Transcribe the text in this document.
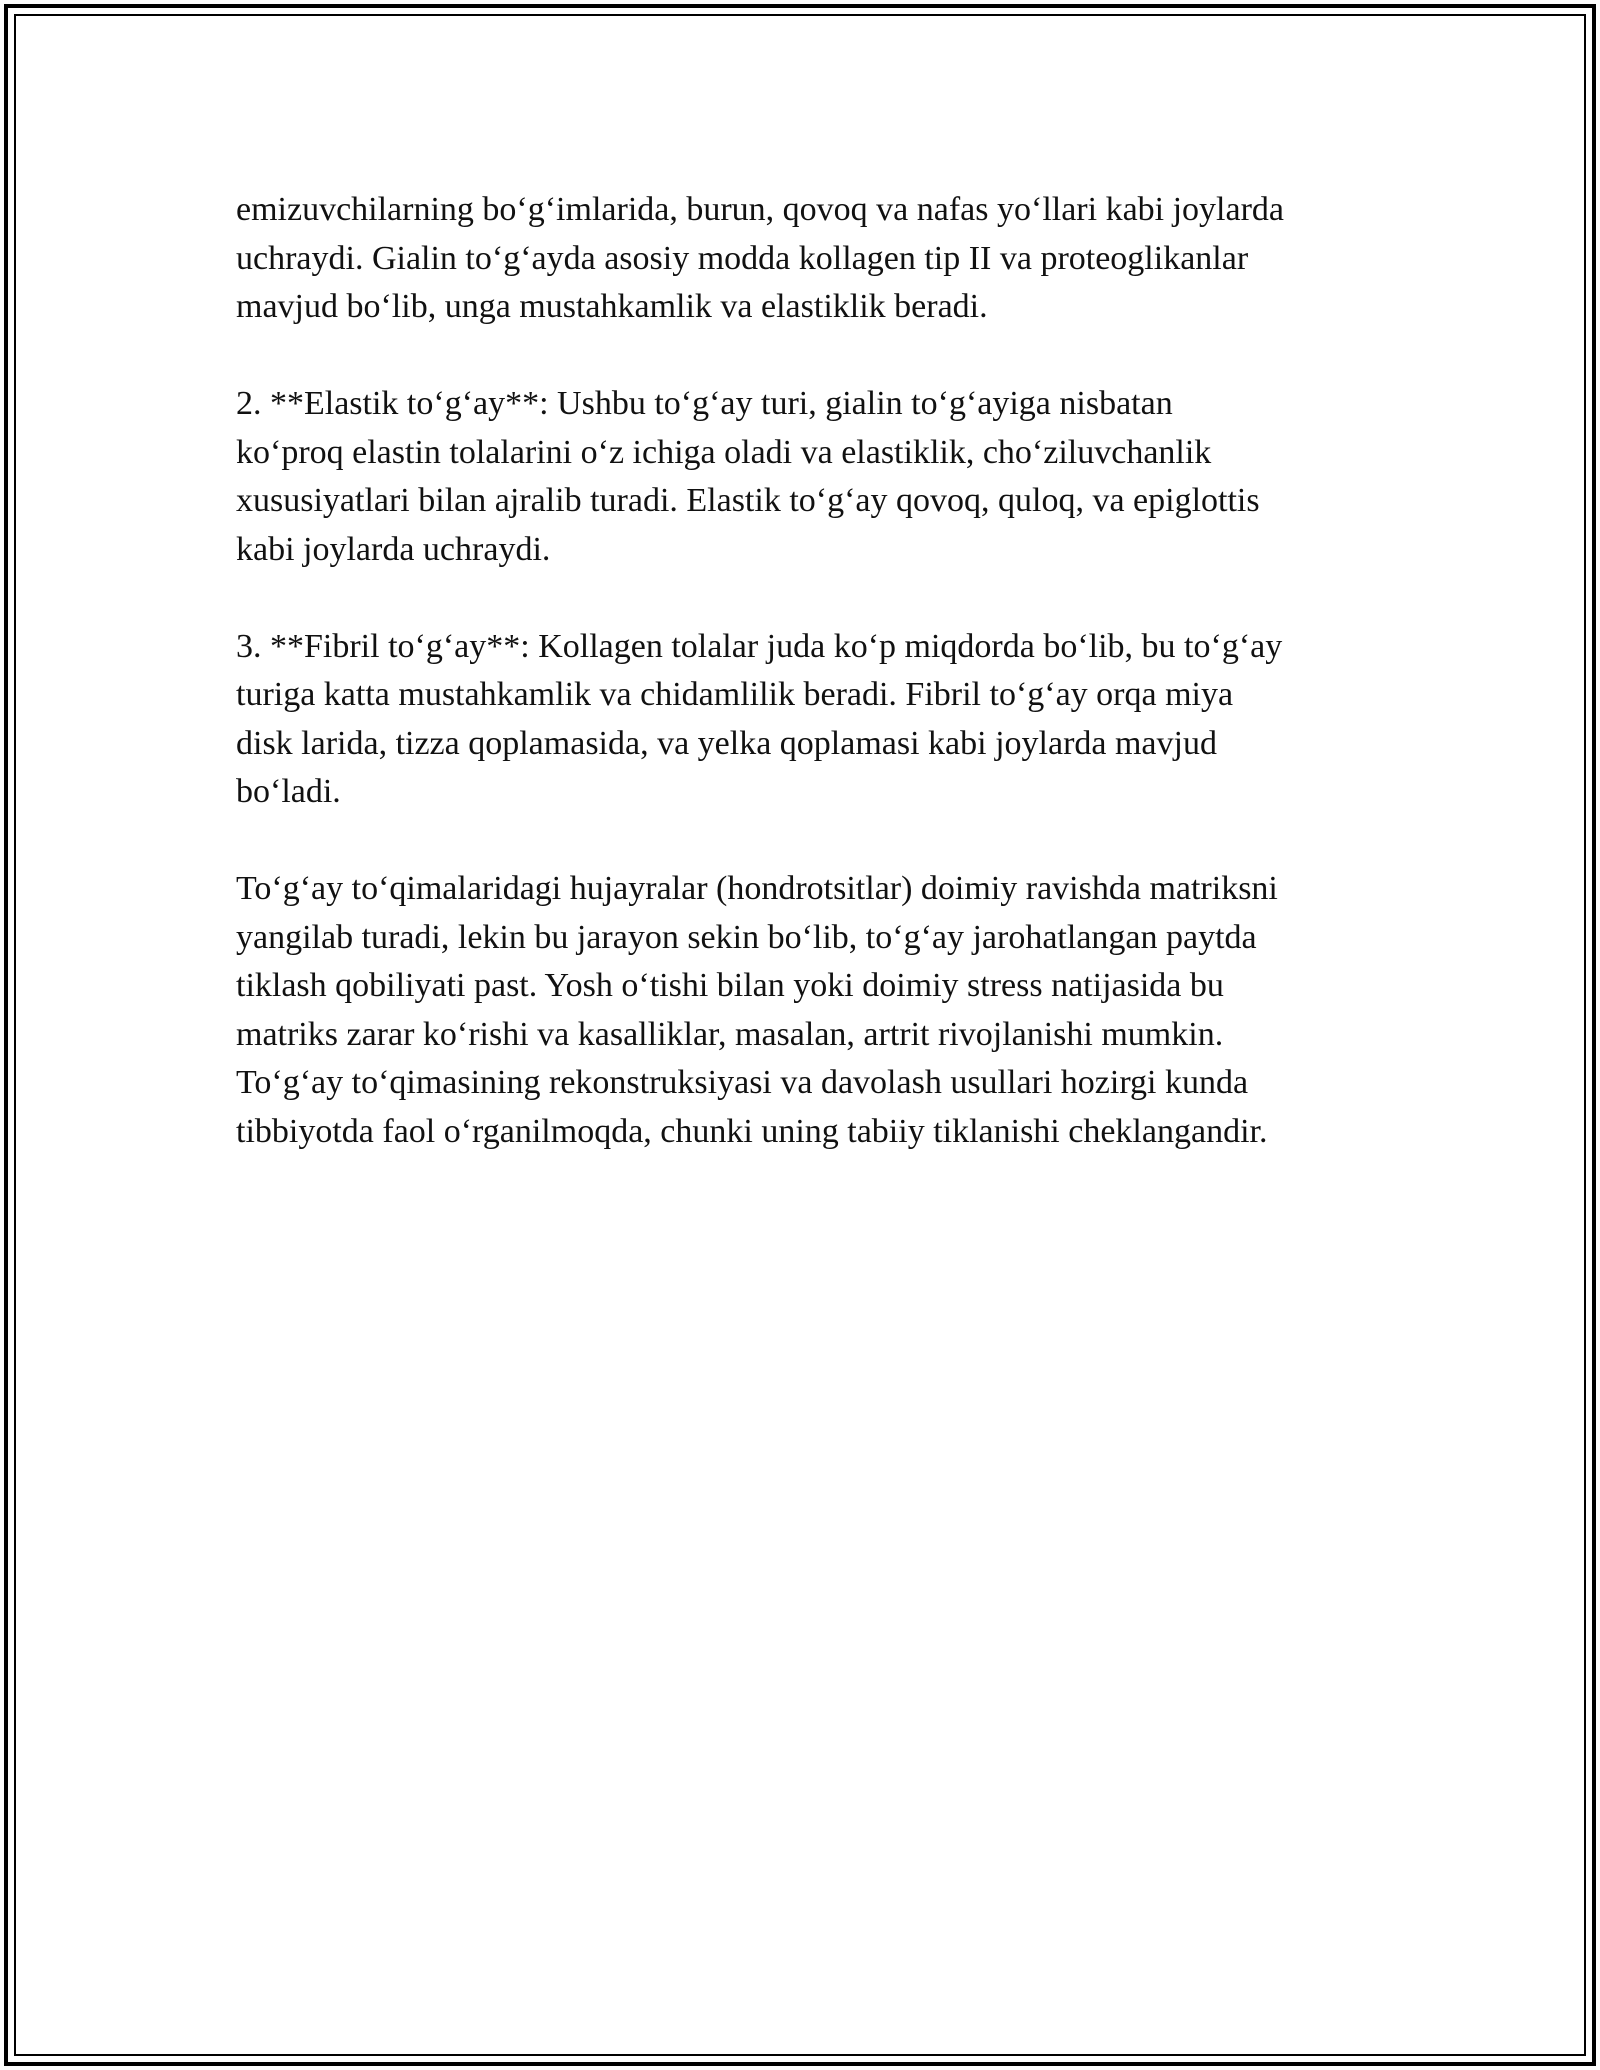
emizuvchilarning bo‘g‘imlarida, burun, qovoq va nafas yo‘llari kabi joylarda
uchraydi. Gialin to‘g‘ayda asosiy modda kollagen tip II va proteoglikanlar
mavjud bo‘lib, unga mustahkamlik va elastiklik beradi.

2. **Elastik to‘g‘ay**: Ushbu to‘g‘ay turi, gialin to‘g‘ayiga nisbatan
ko‘proq elastin tolalarini o‘z ichiga oladi va elastiklik, cho‘ziluvchanlik
xususiyatlari bilan ajralib turadi. Elastik to‘g‘ay qovoq, quloq, va epiglottis
kabi joylarda uchraydi.

3. **Fibril to‘g‘ay**: Kollagen tolalar juda ko‘p miqdorda bo‘lib, bu to‘g‘ay
turiga katta mustahkamlik va chidamlilik beradi. Fibril to‘g‘ay orqa miya
disk larida, tizza qoplamasida, va yelka qoplamasi kabi joylarda mavjud
bo‘ladi.

To‘g‘ay to‘qimalaridagi hujayralar (hondrotsitlar) doimiy ravishda matriksni
yangilab turadi, lekin bu jarayon sekin bo‘lib, to‘g‘ay jarohatlangan paytda
tiklash qobiliyati past. Yosh o‘tishi bilan yoki doimiy stress natijasida bu
matriks zarar ko‘rishi va kasalliklar, masalan, artrit rivojlanishi mumkin.
To‘g‘ay to‘qimasining rekonstruksiyasi va davolash usullari hozirgi kunda
tibbiyotda faol o‘rganilmoqda, chunki uning tabiiy tiklanishi cheklangandir.
